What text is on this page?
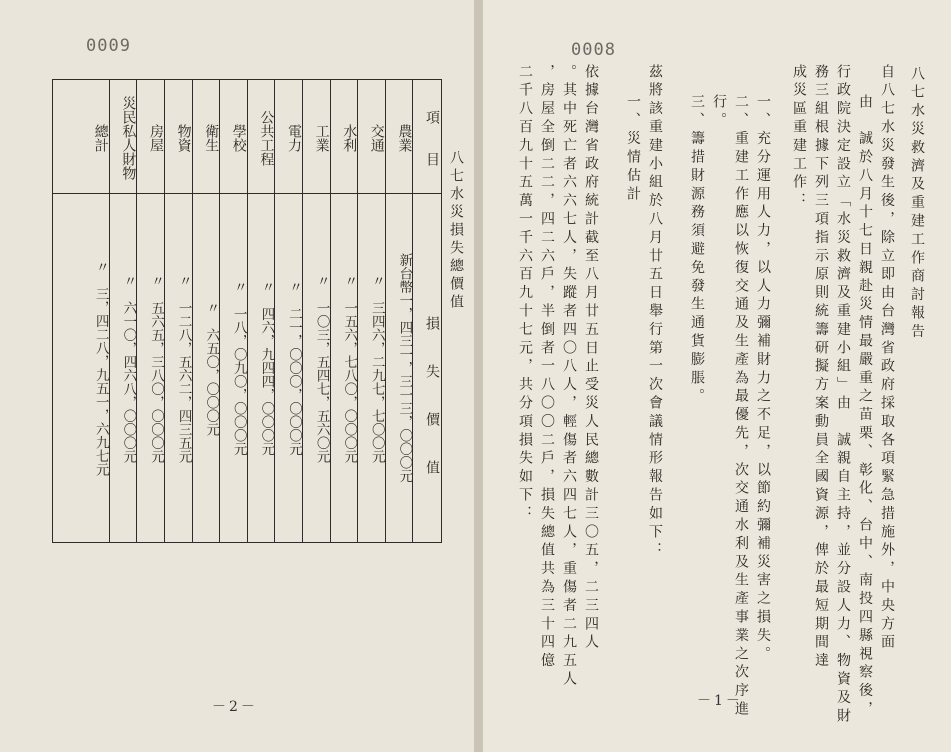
0009
項　　目
損　失　價　值
農業
新台幣一，四三一，三一三，〇〇〇元
交通
〃　三四六，二九七，七〇〇元
水利
〃　一五六，七八〇，〇〇〇元
工業
〃　一〇三，五四七，五六〇元
電力
〃　二一，〇〇〇，〇〇〇元
公共工程
〃　四六，九四四，〇〇〇元
學校
〃　一八，〇九〇，〇〇〇元
衛生
〃　六五〇，〇〇〇元
物資
〃　一二八，五六二，四三五元
房屋
〃　五六五，三八〇，〇〇〇元
災民私人財物
〃　六一〇，四六八，〇〇〇元
總計
〃　三，四二八，九五一，六九七元
八七水災損失總價值
－2－
0008
八七水災救濟及重建工作商討報告
自八七水災發生後，除立即由台灣省政府採取各項緊急措施外，中央方面
由　誠於八月十七日親赴災情最嚴重之苗栗、彰化、台中、南投四縣視察後，
行政院決定設立「水災救濟及重建小組」由　誠親自主持，並分設人力、物資及財
務三組根據下列三項指示原則統籌研擬方案動員全國資源，俾於最短期間達
成災區重建工作：
一、充分運用人力，以人力彌補財力之不足，以節約彌補災害之損失。
二、重建工作應以恢復交通及生產為最優先，次交通水利及生產事業之次序進
行。
三、籌措財源務須避免發生通貨膨脹。
茲將該重建小組於八月廿五日舉行第一次會議情形報告如下：
一、災情估計
依據台灣省政府統計截至八月廿五日止受災人民總數計三〇五，二三四人
。其中死亡者六六七人，失蹤者四〇八人，輕傷者六四七人，重傷者二九五人
，房屋全倒二二，四二六戶，半倒者一八〇〇二戶，損失總值共為三十四億
二千八百九十五萬一千六百九十七元，共分項損失如下：
－1－
